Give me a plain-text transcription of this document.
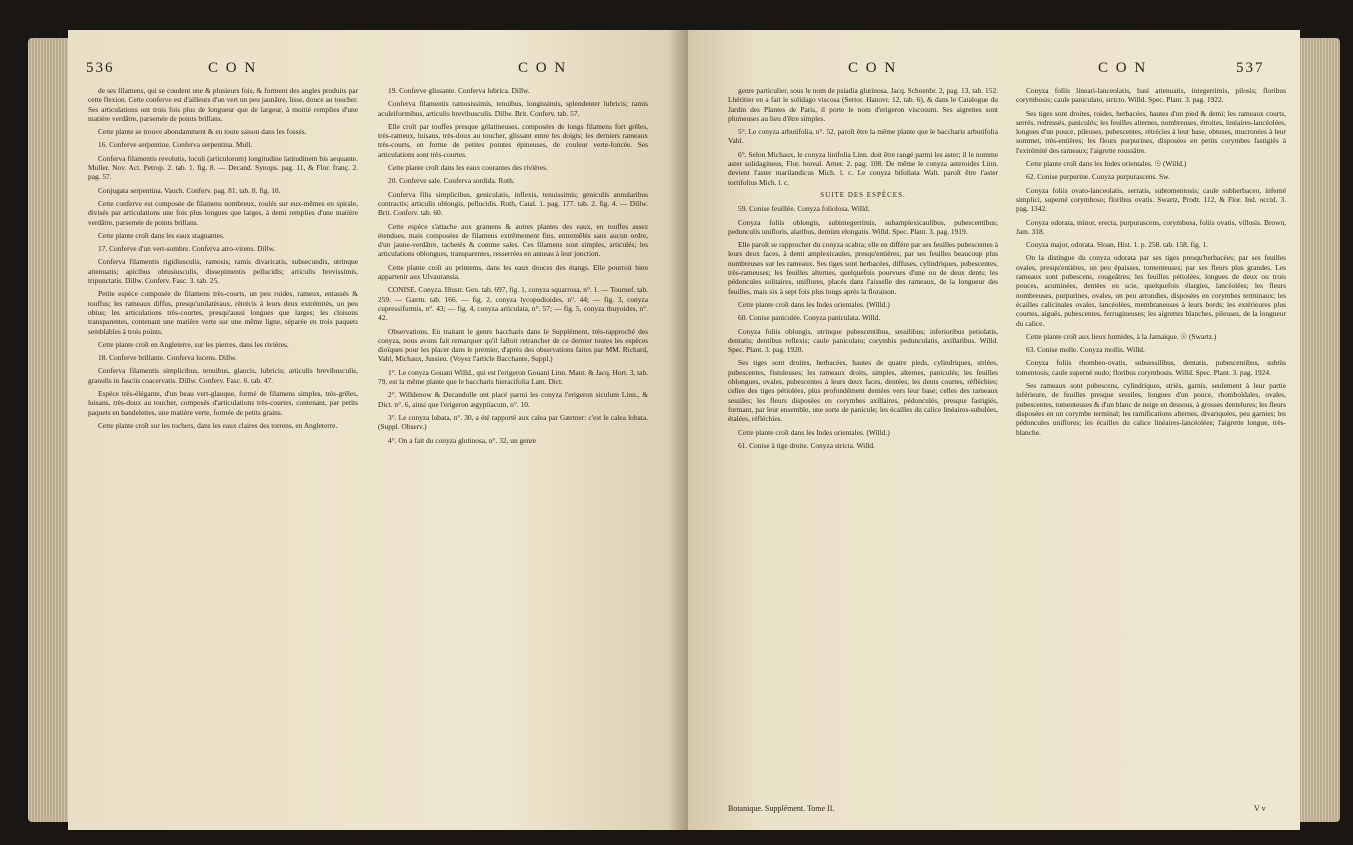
536	C O N	C O N

de ses filamens, qui se coudent une & plusieurs fois, & forment des angles produits par cette flexion. Cette conferve est d'ailleurs d'un vert un peu jaunâtre, lisse, douce au toucher. Ses articulations ont trois fois plus de longueur que de largeur, à moitié remplies d'une matière verdâtre, parsemée de points brillans.

Cette plante se trouve abondamment & en toute saison dans les fossés.

16. Conferve serpentine. Conferva serpentina. Mull.

Conferva filamentis revolutis, loculi (articulorum) longitudine latitudinem bis aequante. Muller. Nov. Act. Petrop. 2. tab. 1. fig. 8. — Decand. Synops. pag. 11, & Flor. franç. 2. pag. 57.

Conjugata serpentina. Vauch. Conferv. pag. 81. tab. 8. fig. 10.

Cette conferve est composée de filamens nombreux, roulés sur eux-mêmes en spirale, divisés par articulations une fois plus longues que larges, à demi remplies d'une matière verdâtre, parsemée de points brillans.

Cette plante croît dans les eaux stagnantes.

17. Conferve d'un vert-sombre. Conferva atro-virens. Dillw.

Conferva filamentis rigidiusculis, ramosis; ramis divaricatis, subsecundis, utrinque attenuatis; apicibus obtusiusculis, dissepimentis pellucidis; articulis brevissimis, tripunctatis. Dillw. Conferv. Fasc. 3. tab. 25.

Petite espèce composée de filamens très-courts, un peu roides, rameux, entassés & touffus; les rameaux diffus, presqu'unilatéraux, rétrécis à leurs deux extrémités, un peu obtus; les articulations très-courtes, presqu'aussi longues que larges; les cloisons transparentes, contenant une matière verte sur une même ligne, séparée en trois paquets semblables à trois points.

Cette plante croît en Angleterre, sur les pierres, dans les rivières.

18. Conferve brillante. Conferva lucens. Dillw.

Conferva filamentis simplicibus, tenuibus, glaucis, lubricis; articulis brevibusculis, granulis in fasciis coacervatis. Dillw. Conferv. Fasc. 6. tab. 47.

Espèce très-élégante, d'un beau vert-glauque, formé de filamens simples, très-grêles, luisans, très-doux au toucher, composés d'articulations très-courtes, contenant, par petits paquets en bandelettes, une matière verte, formée de petits grains.

Cette plante croît sur les rochers, dans les eaux claires des torrens, en Angleterre.

19. Conferve glissante. Conferva lubrica. Dillw.

Conferva filamentis ramosissimis, tenuibus, longissimis, splendenter lubricis; ramis aculeiformibus, articulis brevibusculis. Dillw. Brit. Conferv. tab. 57.

Elle croît par touffes presque gélatineuses, composées de longs filamens fort grêles, très-rameux, luisans, très-doux au toucher, glissant entre les doigts; les derniers rameaux très-courts, en forme de petites pointes épineuses, de couleur verte-foncée. Ses articulations sont très-courtes.

Cette plante croît dans les eaux courantes des rivières.

20. Conferve sale. Conferva sordida. Roth.

Conferva filis simplicibus, geniculatis, inflexis, tenuissimis; geniculis annularibus contractis; articulis oblongis, pellucidis. Roth, Catal. 1. pag. 177. tab. 2. fig. 4. — Dillw. Brit. Conferv. tab. 60.

Cette espèce s'attache aux gramens & autres plantes des eaux, en touffes assez étendues, mais composées de filamens extrêmement fins, entremêlés sans aucun ordre, d'un jaune-verdâtre, tachetés & comme sales. Ces filamens sont simples, articulés; les articulations oblongues, transparentes, resserrées en anneau à leur jonction.

Cette plante croît au printems, dans les eaux douces des étangs. Elle pourroit bien appartenir aux Ulvauransia.

CONISE. Conyza. Illustr. Gen. tab. 697, fig. 1, conyza squarrosa, n°. 1. — Tournef. tab. 259. — Gærtn. tab. 166. — fig. 2, conyza lycopodioides, n°. 44; — fig. 3, conyza cupressiformis, n°. 43; — fig. 4, conyza articulata, n°. 57; — fig. 5, conyza thuyoides, n°. 42.

Observations. En traitant le genre baccharis dans le Supplément, très-rapproché des conyza, nous avons fait remarquer qu'il falloit retrancher de ce dernier toutes les espèces dioïques pour les placer dans le premier, d'après des observations faites par MM. Richard, Vahl, Michaux, Jussieu. (Voyez l'article Bacchante, Suppl.)

1°. Le conyza Gouani Willd., qui est l'erigeron Gouani Linn. Mant. & Jacq. Hort. 3, tab. 79, est la même plante que le baccharis hieracifolia Lam. Dict.

2°. Willdenow & Decandolle ont placé parmi les conyza l'erigeron siculum Linn., & Dict. n°. 6, ainsi que l'erigeron ægyptiacum, n°. 10.

3°. Le conyza lobata, n°. 30, a été rapporté aux calea par Gærtner: c'est le calea lobata. (Suppl. Observ.)

4°. On a fait du conyza glutinosa, n°. 32, un genre

C O N	C O N	537

genre particulier, sous le nom de psiadia glutinosa. Jacq. Schoenbr. 2, pag. 13, tab. 152. Lhéritier en a fait le solidago viscosa (Sertor. Hanovr. 12, tab. 6), & dans le Catalogue du Jardin des Plantes de Paris, il porte le nom d'erigeron viscosum. Ses aigrettes sont plumeuses au lieu d'être simples.

5°. Le conyza arbutifolia, n°. 52, paroît être la même plante que le baccharis arbutifolia Vahl.

6°. Selon Michaux, le conyza linifolia Linn. doit être rangé parmi les aster; il le nomme aster solidagineus, Flor. boreal. Amer. 2. pag. 108. De même le conyza asteroides Linn. devient l'aster marilandicus Mich. l. c. Le conyza bifoliata Walt. paroît être l'aster tortifolius Mich. l. c.

SUITE DES ESPÈCES.

59. Conise feuillée. Conyza foliolosa. Willd.

Conyza foliis oblongis, subintegerrimis, subamplexicaulibus, pubescentibus; pedunculis unifloris, alaribus, demùm elongatis. Willd. Spec. Plant. 3. pag. 1919.

Elle paroît se rapprocher du conyza scabra; elle en diffère par ses feuilles pubescentes à leurs deux faces, à demi amplexicaules, presqu'entières; par ses feuilles beaucoup plus nombreuses sur les rameaux. Ses tiges sont herbacées, diffuses, cylindriques, pubescentes, très-rameuses; les feuilles alternes, quelquefois pourvues d'une ou de deux dents; les pédoncules solitaires, uniflores, placés dans l'aisselle des rameaux, de la longueur des feuilles, mais six à sept fois plus longs après la floraison.

Cette plante croît dans les Indes orientales. (Willd.)

60. Conise paniculée. Conyza paniculata. Willd.

Conyza foliis oblongis, utrinque pubescentibus, sessilibus; inferioribus petiolatis, dentatis; dentibus reflexis; caule paniculato; corymbis pedunculatis, axillaribus. Willd. Spec. Plant. 3. pag. 1920.

Ses tiges sont droites, herbacées, hautes de quatre pieds, cylindriques, striées, pubescentes, fistuleuses; les rameaux droits, simples, alternes, paniculés; les feuilles oblongues, ovales, pubescentes à leurs deux faces, dentées; les dents courtes, réfléchies; celles des tiges pétiolées, plus profondément dentées vers leur base; celles des rameaux sessiles; les fleurs disposées en corymbes axillaires, pédonculés, presque fastigiés, formant, par leur ensemble, une sorte de panicule; les écailles du calice linéaires-subulées, étalées, réfléchies.

Cette plante croît dans les Indes orientales. (Willd.)

61. Conise à tige droite. Conyza stricta. Willd.

Conyza foliis lineari-lanceolatis, basi attenuatis, integerrimis, pilosis; floribus corymbosis; caule paniculato, stricto. Willd. Spec. Plant. 3. pag. 1922.

Ses tiges sont droites, roides, herbacées, hautes d'un pied & demi; les rameaux courts, serrés, redressés, paniculés; les feuilles alternes, nombreuses, étroites, linéaires-lancéolées, longues d'un pouce, pileuses, pubescentes, rétrécies à leur base, obtuses, mucronées à leur sommet, très-entières; les fleurs purpurines, disposées en petits corymbes fastigiés à l'extrémité des rameaux; l'aigrette roussâtre.

Cette plante croît dans les Indes orientales. ☉ (Willd.)

62. Conise purpurine. Conyza purpurascens. Sw.

Conyza foliis ovato-lanceolatis, serratis, subtomentosis; caule subherbaceo, inferné simplici, superné corymboso; floribus ovatis. Swartz, Prodr. 112, & Flor. Ind. occid. 3. pag. 1342.

Conyza odorata, minor, erecta, purpurascens, corymbosa, foliis ovatis, villosis. Brown, Jam. 318.

Conyza major, odorata. Sloan, Hist. 1. p. 258. tab. 158. fig. 1.

On la distingue du conyza odorata par ses tiges presqu'herbacées; par ses feuilles ovales, presqu'entières, un peu épaisses, tomenteuses; par ses fleurs plus grandes. Les rameaux sont pubescens, rougeâtres; les feuilles pétiolées, longues de deux ou trois pouces, acuminées, dentées en scie, quelquefois élargies, lancéolées; les fleurs nombreuses, purpurines, ovales, un peu arrondies, disposées en corymbes terminaux; les écailles calicinales ovales, lancéolées, membraneuses à leurs bords; les extérieures plus courtes, aiguës, pubescentes, ferrugineuses; les aigrettes blanches, pileuses, de la longueur du calice.

Cette plante croît aux lieux humides, à la Jamaïque. ☉ (Swartz.)

63. Conise molle. Conyza mollis. Willd.

Conyza foliis rhombeo-ovatis, subsessilibus, dentatis, pubescentibus, subtùs tomentosis; caule supernè nudo; floribus corymbosis. Willd. Spec. Plant. 3. pag. 1924.

Ses rameaux sont pubescens, cylindriques, striés, garnis, seulement à leur partie inférieure, de feuilles presque sessiles, longues d'un pouce, rhomboïdales, ovales, pubescentes, tomenteuses & d'un blanc de neige en dessous, à grosses dentelures; les fleurs disposées en un corymbe terminal; les ramifications alternes, divariquées, peu garnies; les pédoncules uniflores; les écailles du calice linéaires-lancéolées; l'aigrette longue, très-blanche.

Botanique. Supplément. Tome II.	V v
